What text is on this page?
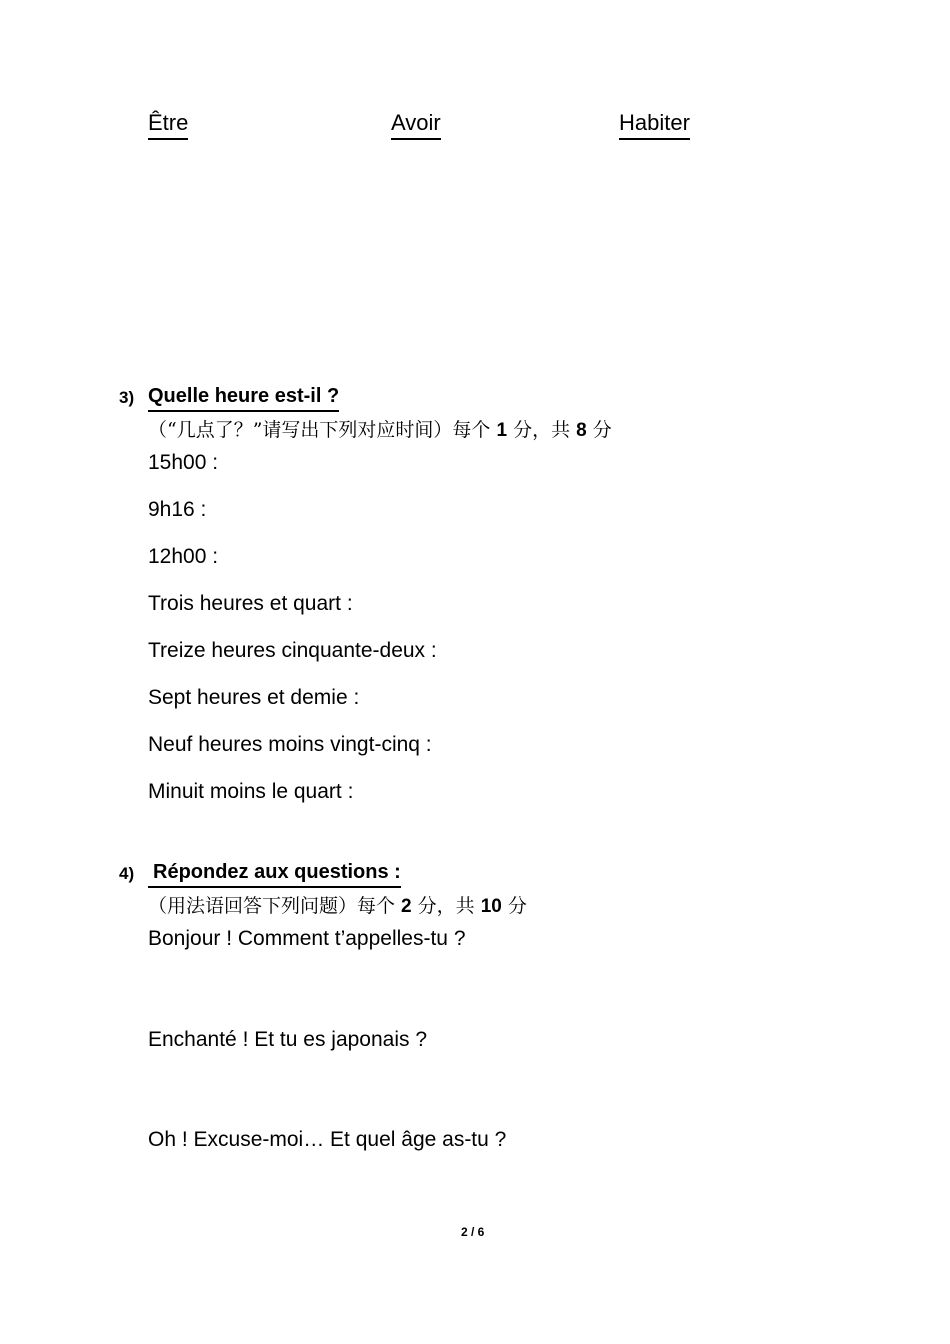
Être	Avoir	Habiter
3) Quelle heure est-il ?
（“几点了？”请写出下列对应时间）每个 1 分，共 8 分
15h00 :
9h16 :
12h00 :
Trois heures et quart :
Treize heures cinquante-deux :
Sept heures et demie :
Neuf heures moins vingt-cinq :
Minuit moins le quart :
4) Répondez aux questions :
（用法语回答下列问题）每个 2 分，共 10 分
Bonjour ! Comment t’appelles-tu ?
Enchanté ! Et tu es japonais ?
Oh ! Excuse-moi… Et quel âge as-tu ?
2 / 6
